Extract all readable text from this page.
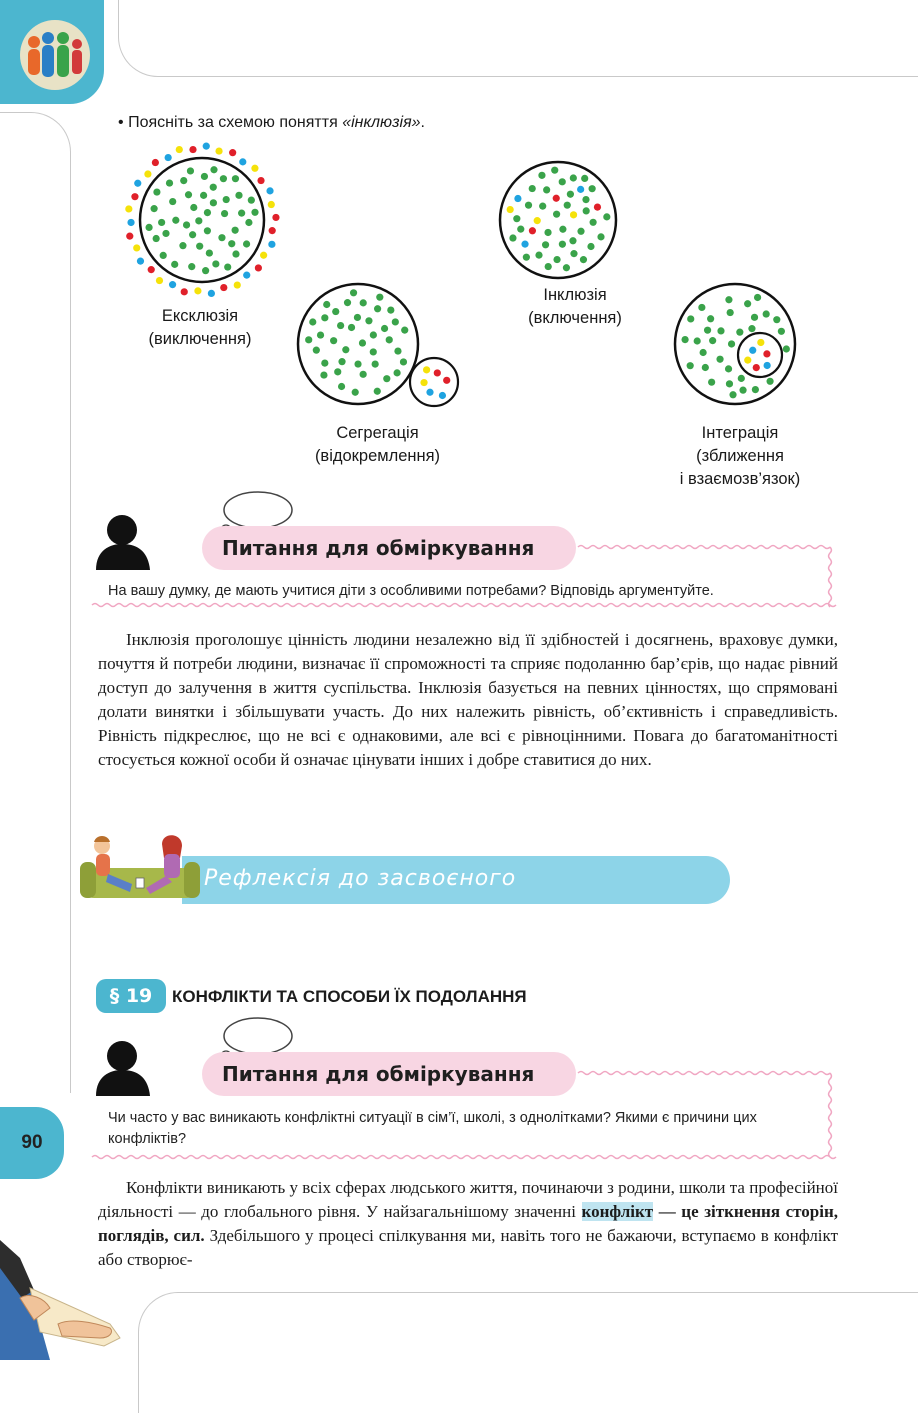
• Поясніть за схемою поняття «інклюзія».
Ексклюзія
(виключення)
Сегрегація
(відокремлення)
Інклюзія
(включення)
Інтеграція
(зближення
і взаємозв’язок)
Питання для обміркування
На вашу думку, де мають учитися діти з особливими потребами? Відповідь аргументуйте.

Інклюзія проголошує цінність людини незалежно від її здібностей і досягнень, враховує думки, почуття й потреби людини, визначає її спроможності та сприяє подоланню бар’єрів, що надає рівний доступ до залучення в життя суспільства. Інклюзія базується на певних цінностях, що спрямовані долати винятки і збільшувати участь. До них належить рівність, об’єктивність і справедливість. Рівність підкреслює, що не всі є однаковими, але всі є рівноцінними. Повага до багатоманітності стосується кожної особи й означає цінувати інших і добре ставитися до них.

Рефлексія до засвоєного
§ 19	КОНФЛІКТИ ТА СПОСОБИ ЇХ ПОДОЛАННЯ
Питання для обміркування
Чи часто у вас виникають конфліктні ситуації в сім’ї, школі, з однолітками? Якими є причини цих конфліктів?

Конфлікти виникають у всіх сферах людського життя, починаючи з родини, школи та професійної діяльності — до глобального рівня. У найзагальнішому значенні конфлікт — це зіткнення сторін, поглядів, сил. Здебільшого у процесі спілкування ми, навіть того не бажаючи, вступаємо в конфлікт або створює-

90
